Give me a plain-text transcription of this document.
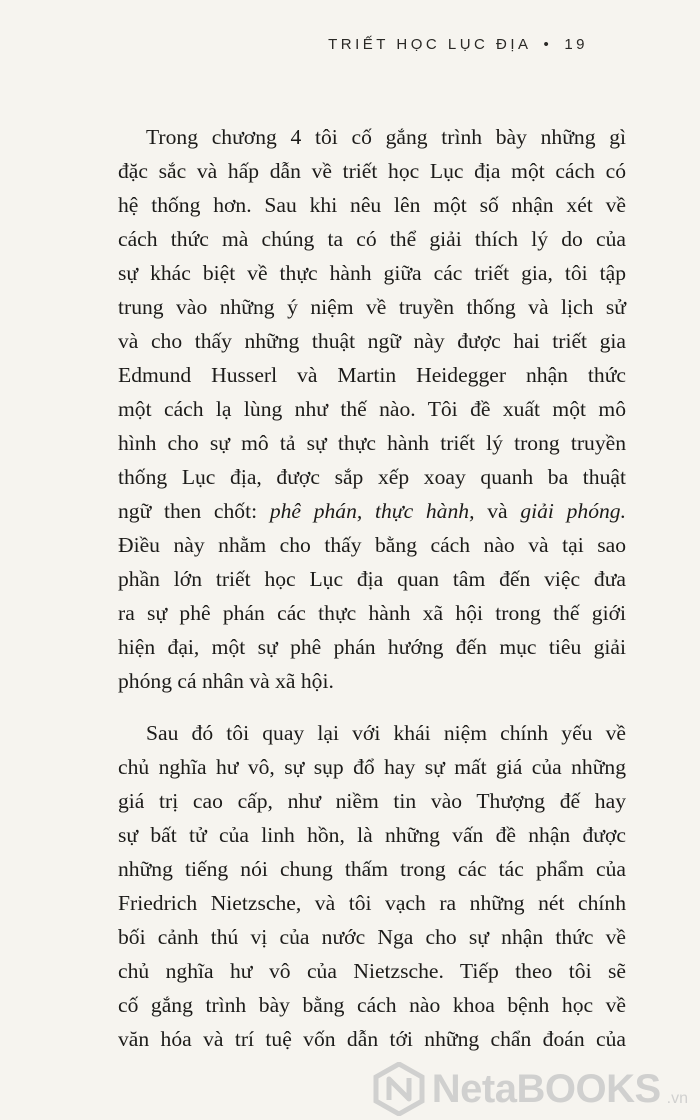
TRIẾT HỌC LỤC ĐỊA • 19
Trong chương 4 tôi cố gắng trình bày những gì
đặc sắc và hấp dẫn về triết học Lục địa một cách có
hệ thống hơn. Sau khi nêu lên một số nhận xét về
cách thức mà chúng ta có thể giải thích lý do của
sự khác biệt về thực hành giữa các triết gia, tôi tập
trung vào những ý niệm về truyền thống và lịch sử
và cho thấy những thuật ngữ này được hai triết gia
Edmund Husserl và Martin Heidegger nhận thức
một cách lạ lùng như thế nào. Tôi đề xuất một mô
hình cho sự mô tả sự thực hành triết lý trong truyền
thống Lục địa, được sắp xếp xoay quanh ba thuật
ngữ then chốt: phê phán, thực hành, và giải phóng.
Điều này nhằm cho thấy bằng cách nào và tại sao
phần lớn triết học Lục địa quan tâm đến việc đưa
ra sự phê phán các thực hành xã hội trong thế giới
hiện đại, một sự phê phán hướng đến mục tiêu giải
phóng cá nhân và xã hội.
Sau đó tôi quay lại với khái niệm chính yếu về
chủ nghĩa hư vô, sự sụp đổ hay sự mất giá của những
giá trị cao cấp, như niềm tin vào Thượng đế hay
sự bất tử của linh hồn, là những vấn đề nhận được
những tiếng nói chung thấm trong các tác phẩm của
Friedrich Nietzsche, và tôi vạch ra những nét chính
bối cảnh thú vị của nước Nga cho sự nhận thức về
chủ nghĩa hư vô của Nietzsche. Tiếp theo tôi sẽ
cố gắng trình bày bằng cách nào khoa bệnh học về
văn hóa và trí tuệ vốn dẫn tới những chẩn đoán của
NetaBOOKS .vn
